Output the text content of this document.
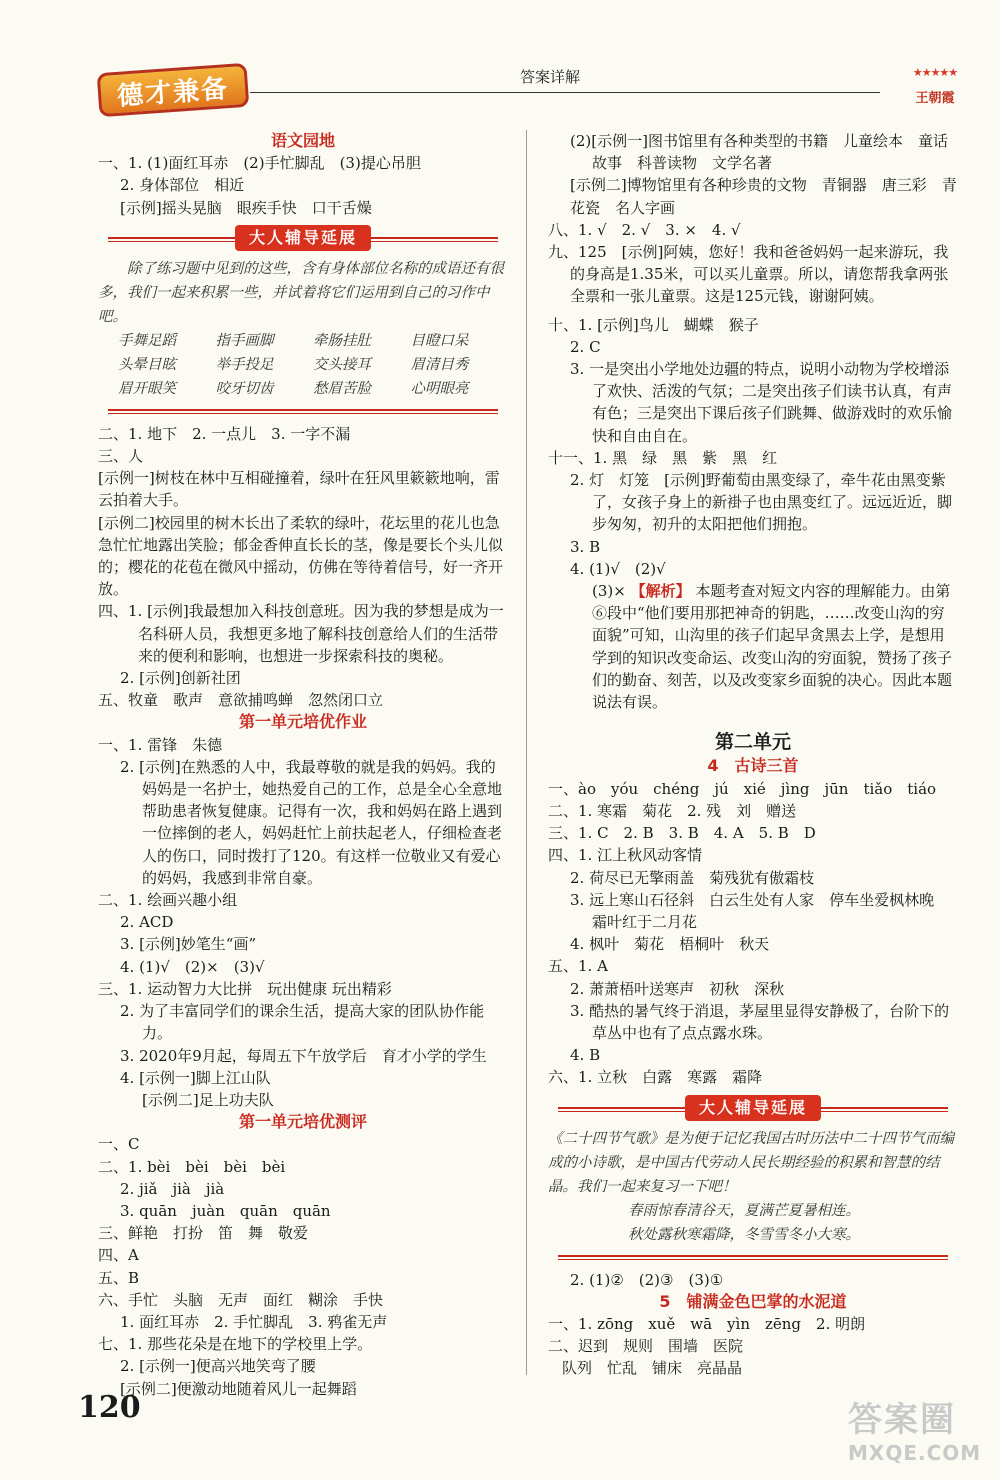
德才兼备	答案详解	★★★★★
王朝霞
语文园地
一、1. (1)面红耳赤　(2)手忙脚乱　(3)提心吊胆
2. 身体部位　相近
[示例]摇头晃脑　眼疾手快　口干舌燥
大人辅导延展
除了练习题中见到的这些，含有身体部位名称的成语还有很多，我们一起来积累一些，并试着将它们运用到自己的习作中吧。
手舞足蹈	指手画脚	牵肠挂肚	目瞪口呆
头晕目眩	举手投足	交头接耳	眉清目秀
眉开眼笑	咬牙切齿	愁眉苦脸	心明眼亮
二、1. 地下　2. 一点儿　3. 一字不漏
三、人
[示例一]树枝在林中互相碰撞着，绿叶在狂风里簌簌地响，雷云拍着大手。
[示例二]校园里的树木长出了柔软的绿叶，花坛里的花儿也急急忙忙地露出笑脸；郁金香伸直长长的茎，像是要长个头儿似的；樱花的花苞在微风中摇动，仿佛在等待着信号，好一齐开放。
四、1. [示例]我最想加入科技创意班。因为我的梦想是成为一名科研人员，我想更多地了解科技创意给人们的生活带来的便利和影响，也想进一步探索科技的奥秘。
2. [示例]创新社团
五、牧童　歌声　意欲捕鸣蝉　忽然闭口立
第一单元培优作业
一、1. 雷锋　朱德
2. [示例]在熟悉的人中，我最尊敬的就是我的妈妈。我的妈妈是一名护士，她热爱自己的工作，总是全心全意地帮助患者恢复健康。记得有一次，我和妈妈在路上遇到一位摔倒的老人，妈妈赶忙上前扶起老人，仔细检查老人的伤口，同时拨打了120。有这样一位敬业又有爱心的妈妈，我感到非常自豪。
二、1. 绘画兴趣小组
2. ACD
3. [示例]妙笔生“画”
4. (1)√　(2)×　(3)√
三、1. 运动智力大比拼　玩出健康 玩出精彩
2. 为了丰富同学们的课余生活，提高大家的团队协作能力。
3. 2020年9月起，每周五下午放学后　育才小学的学生
4. [示例一]脚上江山队
[示例二]足上功夫队
第一单元培优测评
一、C
二、1. bèi　bèi　bèi　bèi
2. jiǎ　jià　jià
3. quān　juàn　quān　quān
三、鲜艳　打扮　笛　舞　敬爱
四、A
五、B
六、手忙　头脑　无声　面红　糊涂　手快
1. 面红耳赤　2. 手忙脚乱　3. 鸦雀无声
七、1. 那些花朵是在地下的学校里上学。
2. [示例一]便高兴地笑弯了腰
[示例二]便激动地随着风儿一起舞蹈
(2)[示例一]图书馆里有各种类型的书籍　儿童绘本　童话故事　科普读物　文学名著
[示例二]博物馆里有各种珍贵的文物　青铜器　唐三彩　青花瓷　名人字画
八、1. √　2. √　3. ×　4. √
九、125　[示例]阿姨，您好！我和爸爸妈妈一起来游玩，我的身高是1.35米，可以买儿童票。所以，请您帮我拿两张全票和一张儿童票。这是125元钱，谢谢阿姨。
十、1. [示例]鸟儿　蝴蝶　猴子
2. C
3. 一是突出小学地处边疆的特点，说明小动物为学校增添了欢快、活泼的气氛；二是突出孩子们读书认真，有声有色；三是突出下课后孩子们跳舞、做游戏时的欢乐愉快和自由自在。
十一、1. 黑　绿　黑　紫　黑　红
2. 灯　灯笼　[示例]野葡萄由黑变绿了，牵牛花由黑变紫了，女孩子身上的新褂子也由黑变红了。远远近近，脚步匆匆，初升的太阳把他们拥抱。
3. B
4. (1)√　(2)√
(3)× 【解析】 本题考查对短文内容的理解能力。由第⑥段中“他们要用那把神奇的钥匙，……改变山沟的穷面貌”可知，山沟里的孩子们起早贪黑去上学，是想用学到的知识改变命运、改变山沟的穷面貌，赞扬了孩子们的勤奋、刻苦，以及改变家乡面貌的决心。因此本题说法有误。
第二单元
4　古诗三首
一、ào　yóu　chéng　jú　xié　jìng　jūn　tiǎo　tiáo
二、1. 寒霜　菊花　2. 残　刘　赠送
三、1. C　2. B　3. B　4. A　5. B　D
四、1. 江上秋风动客情
2. 荷尽已无擎雨盖　菊残犹有傲霜枝
3. 远上寒山石径斜　白云生处有人家　停车坐爱枫林晚　霜叶红于二月花
4. 枫叶　菊花　梧桐叶　秋天
五、1. A
2. 萧萧梧叶送寒声　初秋　深秋
3. 酷热的暑气终于消退，茅屋里显得安静极了，台阶下的草丛中也有了点点露水珠。
4. B
六、1. 立秋　白露　寒露　霜降
大人辅导延展
《二十四节气歌》是为便于记忆我国古时历法中二十四节气而编成的小诗歌，是中国古代劳动人民长期经验的积累和智慧的结晶。我们一起来复习一下吧！
春雨惊春清谷天，夏满芒夏暑相连。
秋处露秋寒霜降，冬雪雪冬小大寒。
2. (1)②　(2)③　(3)①
5　铺满金色巴掌的水泥道
一、1. zōng　xuě　wā　yìn　zēng　2. 明朗
二、迟到　规则　围墙　医院
队列　忙乱　铺床　亮晶晶
120	答案圈
MXQE.COM
